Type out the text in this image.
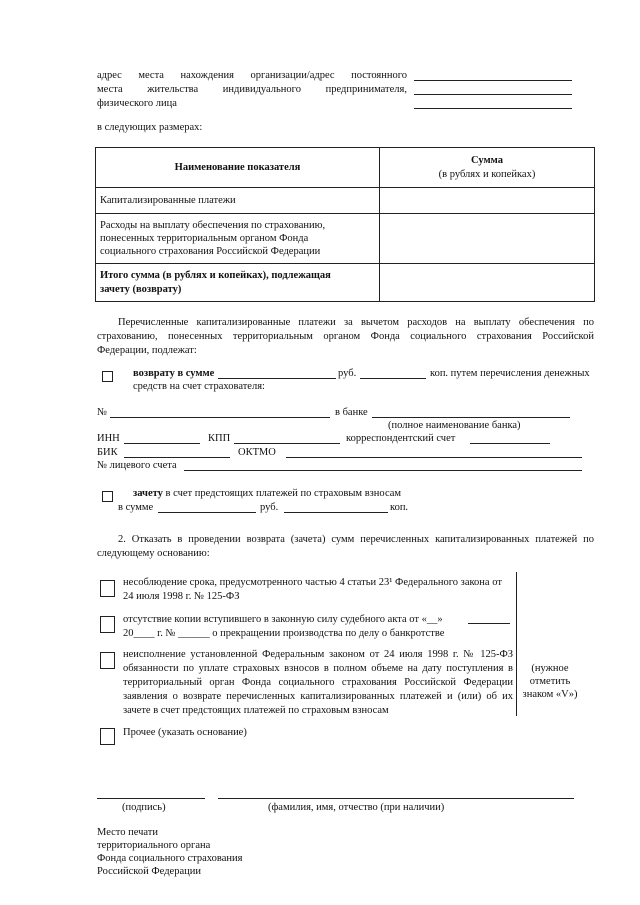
адрес места нахождения организации/адрес постоянного
места жительства индивидуального предпринимателя,
физического лица
в следующих размерах:
Наименование показателя	Сумма
(в рублях и копейках)

Капитализированные платежи	

Расходы на выплату обеспечения по страхованию,
понесенных территориальным органом Фонда
социального страхования Российской Федерации	

Итого сумма (в рублях и копейках), подлежащая
зачету (возврату)	

Перечисленные капитализированные платежи за вычетом расходов на выплату обеспечения по
страхованию, понесенных территориальным органом Фонда социального страхования Российской
Федерации, подлежат:
возврату в сумме	руб.	коп. путем перечисления денежных
средств на счет страхователя:
№	в банке
(полное наименование банка)
ИНН	КПП	корреспондентский счет
БИК	ОКТМО
№ лицевого счета
зачету в счет предстоящих платежей по страховым взносам
в сумме	руб.	коп.
2. Отказать в проведении возврата (зачета) сумм перечисленных капитализированных платежей по
следующему основанию:
несоблюдение срока, предусмотренного частью 4 статьи 23¹ Федерального закона от
24 июля 1998 г. № 125-ФЗ
отсутствие копии вступившего в законную силу судебного акта от «__»
20____ г. № ______ о прекращении производства по делу о банкротстве
неисполнение установленной Федеральным законом от 24 июля 1998 г. № 125-ФЗ
обязанности по уплате страховых взносов в полном объеме на дату поступления в
территориальный орган Фонда социального страхования Российской Федерации
заявления о возврате перечисленных капитализированных платежей и (или) об их
зачете в счет предстоящих платежей по страховым взносам
Прочее (указать основание)
(нужное
отметить
знаком «V»)
(подпись)	(фамилия, имя, отчество (при наличии)
Место печати
территориального органа
Фонда социального страхования
Российской Федерации
